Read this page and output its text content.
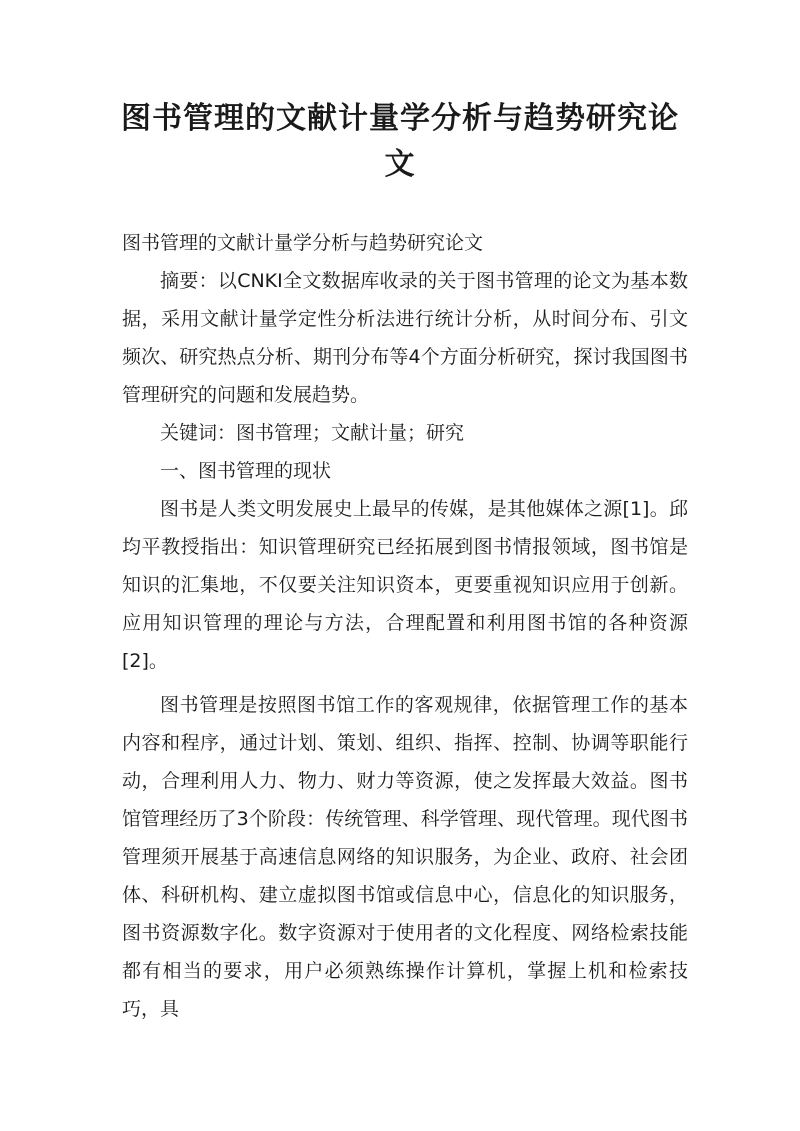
图书管理的文献计量学分析与趋势研究论文

图书管理的文献计量学分析与趋势研究论文

摘要：以CNKI全文数据库收录的关于图书管理的论文为基本数据，采用文献计量学定性分析法进行统计分析，从时间分布、引文频次、研究热点分析、期刊分布等4个方面分析研究，探讨我国图书管理研究的问题和发展趋势。

关键词：图书管理；文献计量；研究

一、图书管理的现状

图书是人类文明发展史上最早的传媒，是其他媒体之源[1]。邱均平教授指出：知识管理研究已经拓展到图书情报领域，图书馆是知识的汇集地，不仅要关注知识资本，更要重视知识应用于创新。应用知识管理的理论与方法，合理配置和利用图书馆的各种资源[2]。

图书管理是按照图书馆工作的客观规律，依据管理工作的基本内容和程序，通过计划、策划、组织、指挥、控制、协调等职能行动，合理利用人力、物力、财力等资源，使之发挥最大效益。图书馆管理经历了3个阶段：传统管理、科学管理、现代管理。现代图书管理须开展基于高速信息网络的知识服务，为企业、政府、社会团体、科研机构、建立虚拟图书馆或信息中心，信息化的知识服务，图书资源数字化。数字资源对于使用者的文化程度、网络检索技能都有相当的要求，用户必须熟练操作计算机，掌握上机和检索技巧，具
